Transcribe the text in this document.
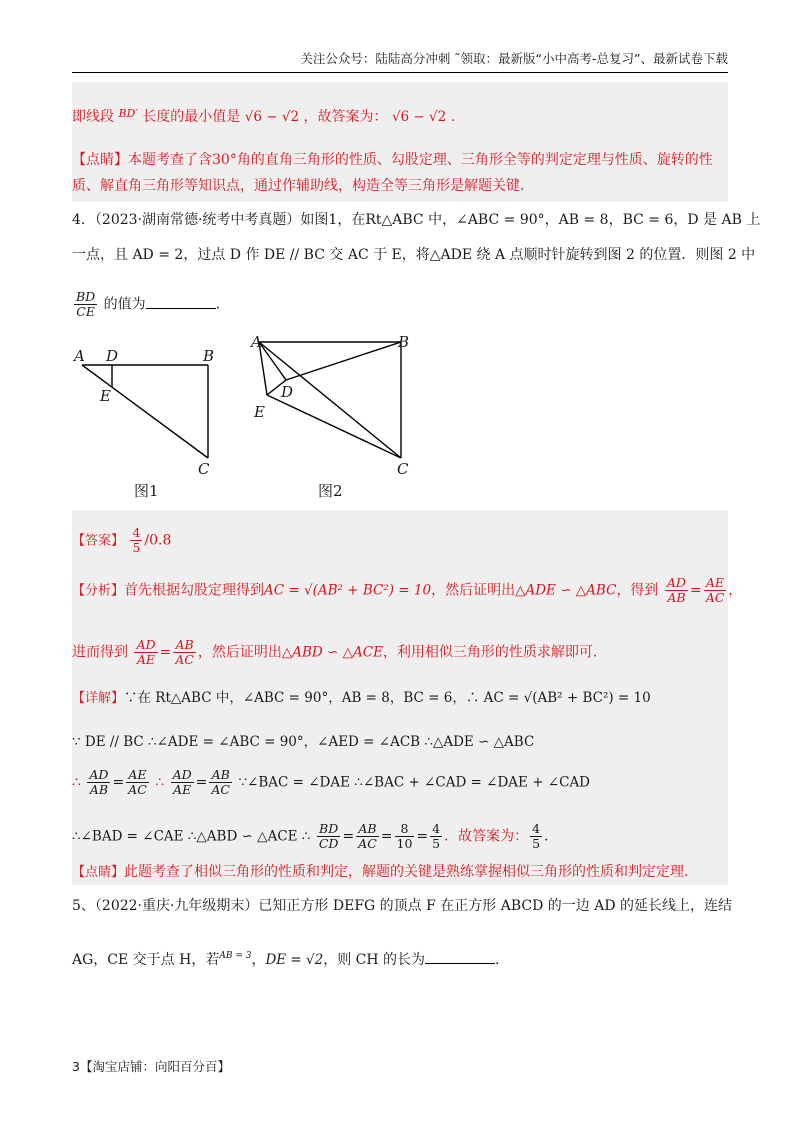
关注公众号：陆陆高分冲刺 ˜领取：最新版“小中高考-总复习”、最新试卷下载
即线段 $^{BD'}$ 长度的最小值是 √6 − √2 ，故答案为： √6 − √2 .
【点睛】本题考查了含30°角的直角三角形的性质、勾股定理、三角形全等的判定定理与性质、旋转的性
质、解直角三角形等知识点，通过作辅助线，构造全等三角形是解题关键.
4．（2023·湖南常德·统考中考真题）如图1，在Rt△ABC 中，∠ABC = 90°，AB = 8，BC = 6，D 是 AB 上
一点，且 AD = 2，过点 D 作 DE // BC 交 AC 于 E，将△ADE 绕 A 点顺时针旋转到图 2 的位置．则图 2 中
$\frac{BD}{CE}$ 的值为	.
A D	B
E
C
图1
A	B
D
E
C
图2
【答案】 $\frac{4}{5} /0.8$
【分析】首先根据勾股定理得到AC = √(AB² + BC²) = 10，然后证明出△ADE ∽ △ABC，得到 $\frac{AD}{AB} = \frac{AE}{AC}$ ，
进而得到 $\frac{AD}{AE} = \frac{AB}{AC}$ ，然后证明出△ABD ∽ △ACE，利用相似三角形的性质求解即可.
【详解】∵在 Rt△ABC 中，∠ABC = 90°，AB = 8，BC = 6，∴ AC = √(AB² + BC²) = 10
∵ DE // BC ∴∠ADE = ∠ABC = 90°，∠AED = ∠ACB ∴△ADE ∽ △ABC
∴ $\frac{AD}{AB} = \frac{AE}{AC}$ ∴ $\frac{AD}{AE} = \frac{AB}{AC}$ ∵∠BAC = ∠DAE ∴∠BAC + ∠CAD = ∠DAE + ∠CAD
∴∠BAD = ∠CAE ∴△ABD ∽ △ACE ∴ $\frac{BD}{CD} = \frac{AB}{AC} = \frac{8}{10} = \frac{4}{5}$ ．故答案为： $\frac{4}{5}$ .
【点睛】此题考查了相似三角形的性质和判定，解题的关键是熟练掌握相似三角形的性质和判定定理.
5、（2022·重庆·九年级期末）已知正方形 DEFG 的顶点 F 在正方形 ABCD 的一边 AD 的延长线上，连结
AG，CE 交于点 H，若$^{AB = 3}$，DE = √2，则 CH 的长为	.
3【淘宝店铺：向阳百分百】
